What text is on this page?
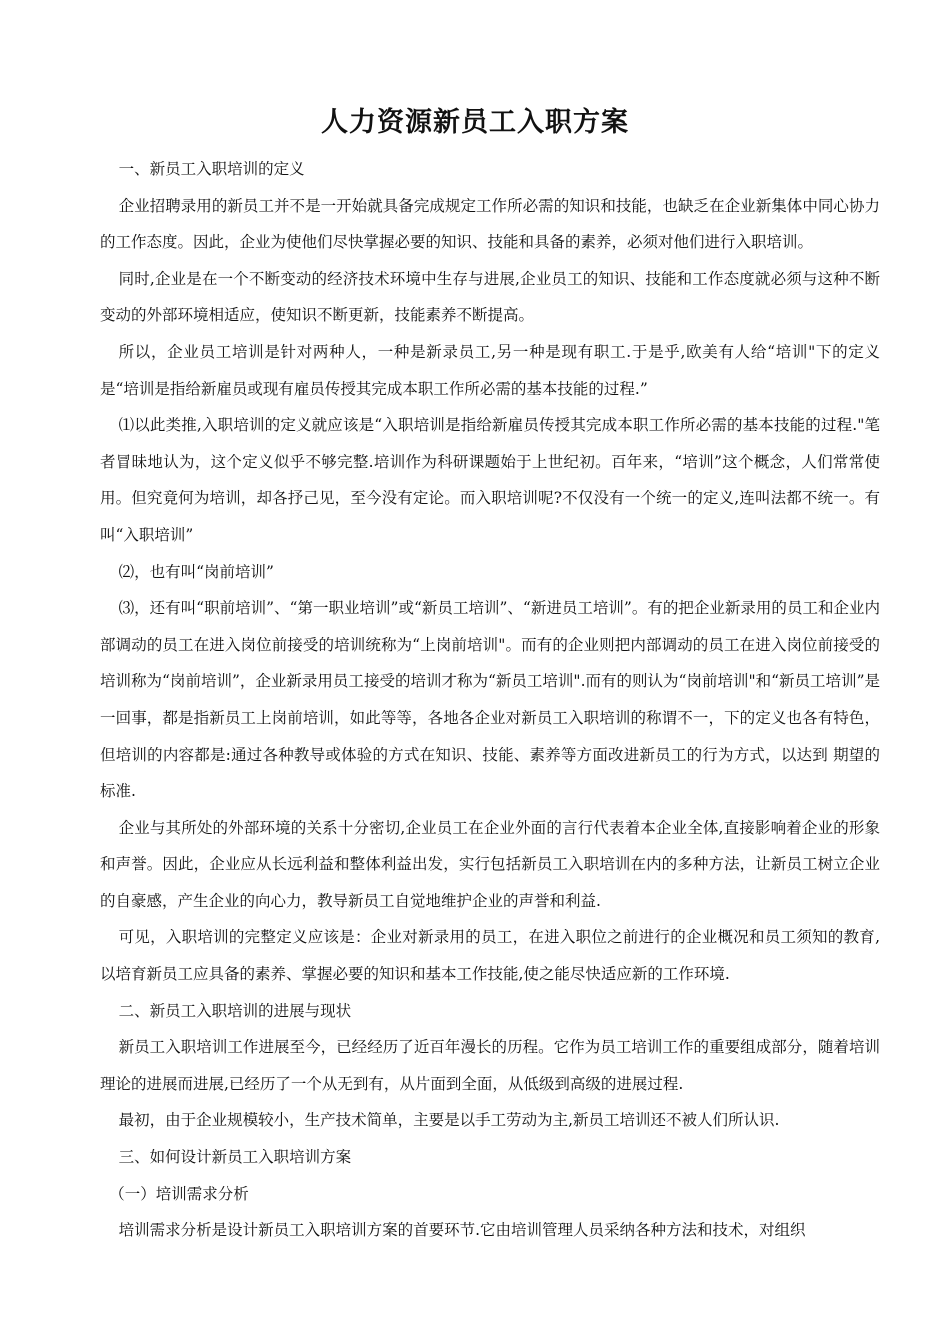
人力资源新员工入职方案

一、新员工入职培训的定义

企业招聘录用的新员工并不是一开始就具备完成规定工作所必需的知识和技能，也缺乏在企业新集体中同心协力的工作态度。因此，企业为使他们尽快掌握必要的知识、技能和具备的素养，必须对他们进行入职培训。

同时,企业是在一个不断变动的经济技术环境中生存与进展,企业员工的知识、技能和工作态度就必须与这种不断变动的外部环境相适应，使知识不断更新，技能素养不断提高。

所以，企业员工培训是针对两种人，一种是新录员工,另一种是现有职工.于是乎,欧美有人给“培训"下的定义是“培训是指给新雇员或现有雇员传授其完成本职工作所必需的基本技能的过程.”

⑴以此类推,入职培训的定义就应该是“入职培训是指给新雇员传授其完成本职工作所必需的基本技能的过程."笔者冒昧地认为，这个定义似乎不够完整.培训作为科研课题始于上世纪初。百年来，“培训”这个概念，人们常常使用。但究竟何为培训，却各抒己见，至今没有定论。而入职培训呢?不仅没有一个统一的定义,连叫法都不统一。有叫“入职培训”

⑵，也有叫“岗前培训”

⑶，还有叫“职前培训”、“第一职业培训”或“新员工培训”、“新进员工培训”。有的把企业新录用的员工和企业内部调动的员工在进入岗位前接受的培训统称为“上岗前培训"。而有的企业则把内部调动的员工在进入岗位前接受的培训称为“岗前培训”，企业新录用员工接受的培训才称为“新员工培训".而有的则认为“岗前培训"和“新员工培训”是一回事，都是指新员工上岗前培训，如此等等，各地各企业对新员工入职培训的称谓不一，下的定义也各有特色，但培训的内容都是:通过各种教导或体验的方式在知识、技能、素养等方面改进新员工的行为方式，以达到 期望的标准.

企业与其所处的外部环境的关系十分密切,企业员工在企业外面的言行代表着本企业全体,直接影响着企业的形象和声誉。因此，企业应从长远利益和整体利益出发，实行包括新员工入职培训在内的多种方法，让新员工树立企业的自豪感，产生企业的向心力，教导新员工自觉地维护企业的声誉和利益.

可见，入职培训的完整定义应该是：企业对新录用的员工，在进入职位之前进行的企业概况和员工须知的教育,以培育新员工应具备的素养、掌握必要的知识和基本工作技能,使之能尽快适应新的工作环境.

二、新员工入职培训的进展与现状

新员工入职培训工作进展至今，已经经历了近百年漫长的历程。它作为员工培训工作的重要组成部分，随着培训理论的进展而进展,已经历了一个从无到有，从片面到全面，从低级到高级的进展过程.

最初，由于企业规模较小，生产技术简单，主要是以手工劳动为主,新员工培训还不被人们所认识.

三、如何设计新员工入职培训方案

（一）培训需求分析

培训需求分析是设计新员工入职培训方案的首要环节.它由培训管理人员采纳各种方法和技术，对组织
